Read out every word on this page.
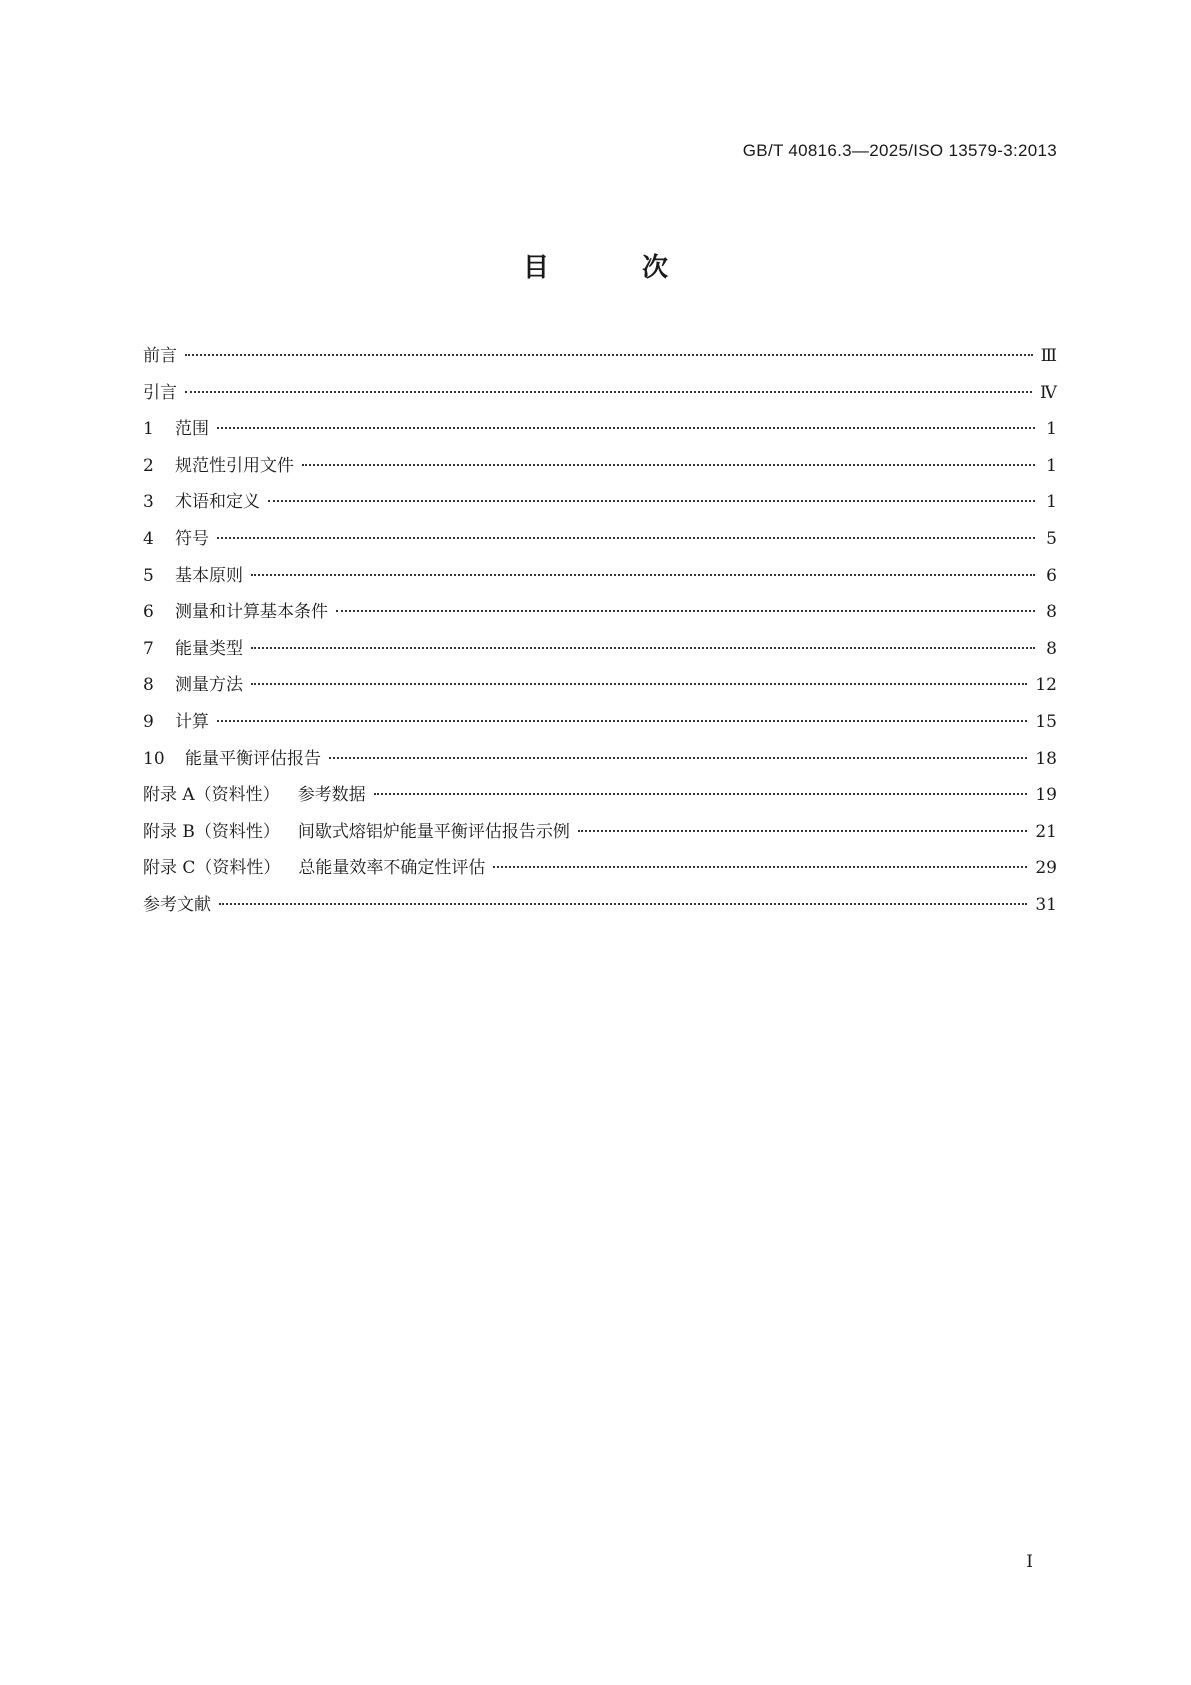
GB/T 40816.3—2025/ISO 13579-3:2013
目 次
前言	Ⅲ
引言	Ⅳ
1	范围	1
2	规范性引用文件	1
3	术语和定义	1
4	符号	5
5	基本原则	6
6	测量和计算基本条件	8
7	能量类型	8
8	测量方法	12
9	计算	15
10	能量平衡评估报告	18
附录 A（资料性） 参考数据	19
附录 B（资料性） 间歇式熔铝炉能量平衡评估报告示例	21
附录 C（资料性） 总能量效率不确定性评估	29
参考文献	31
I
